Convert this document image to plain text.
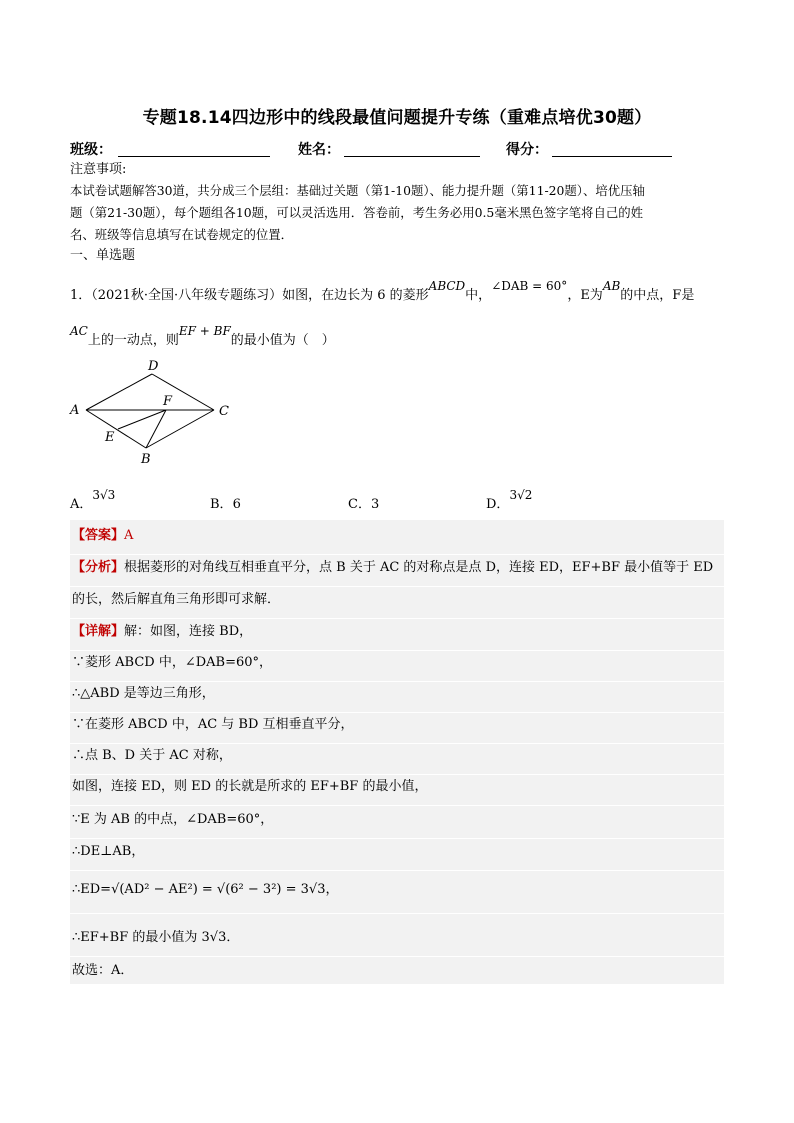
专题18.14四边形中的线段最值问题提升专练（重难点培优30题）
班级：	姓名：	得分：
注意事项:
本试卷试题解答30道，共分成三个层组：基础过关题（第1-10题）、能力提升题（第11-20题）、培优压轴
题（第21-30题），每个题组各10题，可以灵活选用．答卷前，考生务必用0.5毫米黑色签字笔将自己的姓
名、班级等信息填写在试卷规定的位置．
一、单选题
1．（2021秋·全国·八年级专题练习）如图，在边长为 6 的菱形ABCD中，∠DAB = 60°，E为AB的中点，F是
AC上的一动点，则EF + BF的最小值为（　）
A
B
C
D
E
F
A．3√3
B．6	C．3	D．3√2
【答案】A
【分析】根据菱形的对角线互相垂直平分，点 B 关于 AC 的对称点是点 D，连接 ED，EF+BF 最小值等于 ED
的长，然后解直角三角形即可求解．
【详解】解：如图，连接 BD，
∵菱形 ABCD 中，∠DAB=60°，
∴△ABD 是等边三角形，
∵在菱形 ABCD 中，AC 与 BD 互相垂直平分，
∴点 B、D 关于 AC 对称，
如图，连接 ED，则 ED 的长就是所求的 EF+BF 的最小值，
∵E 为 AB 的中点，∠DAB=60°，
∴DE⊥AB，
∴ED=√(AD² − AE²) = √(6² − 3²) = 3√3，
∴EF+BF 的最小值为 3√3．
故选：A．
